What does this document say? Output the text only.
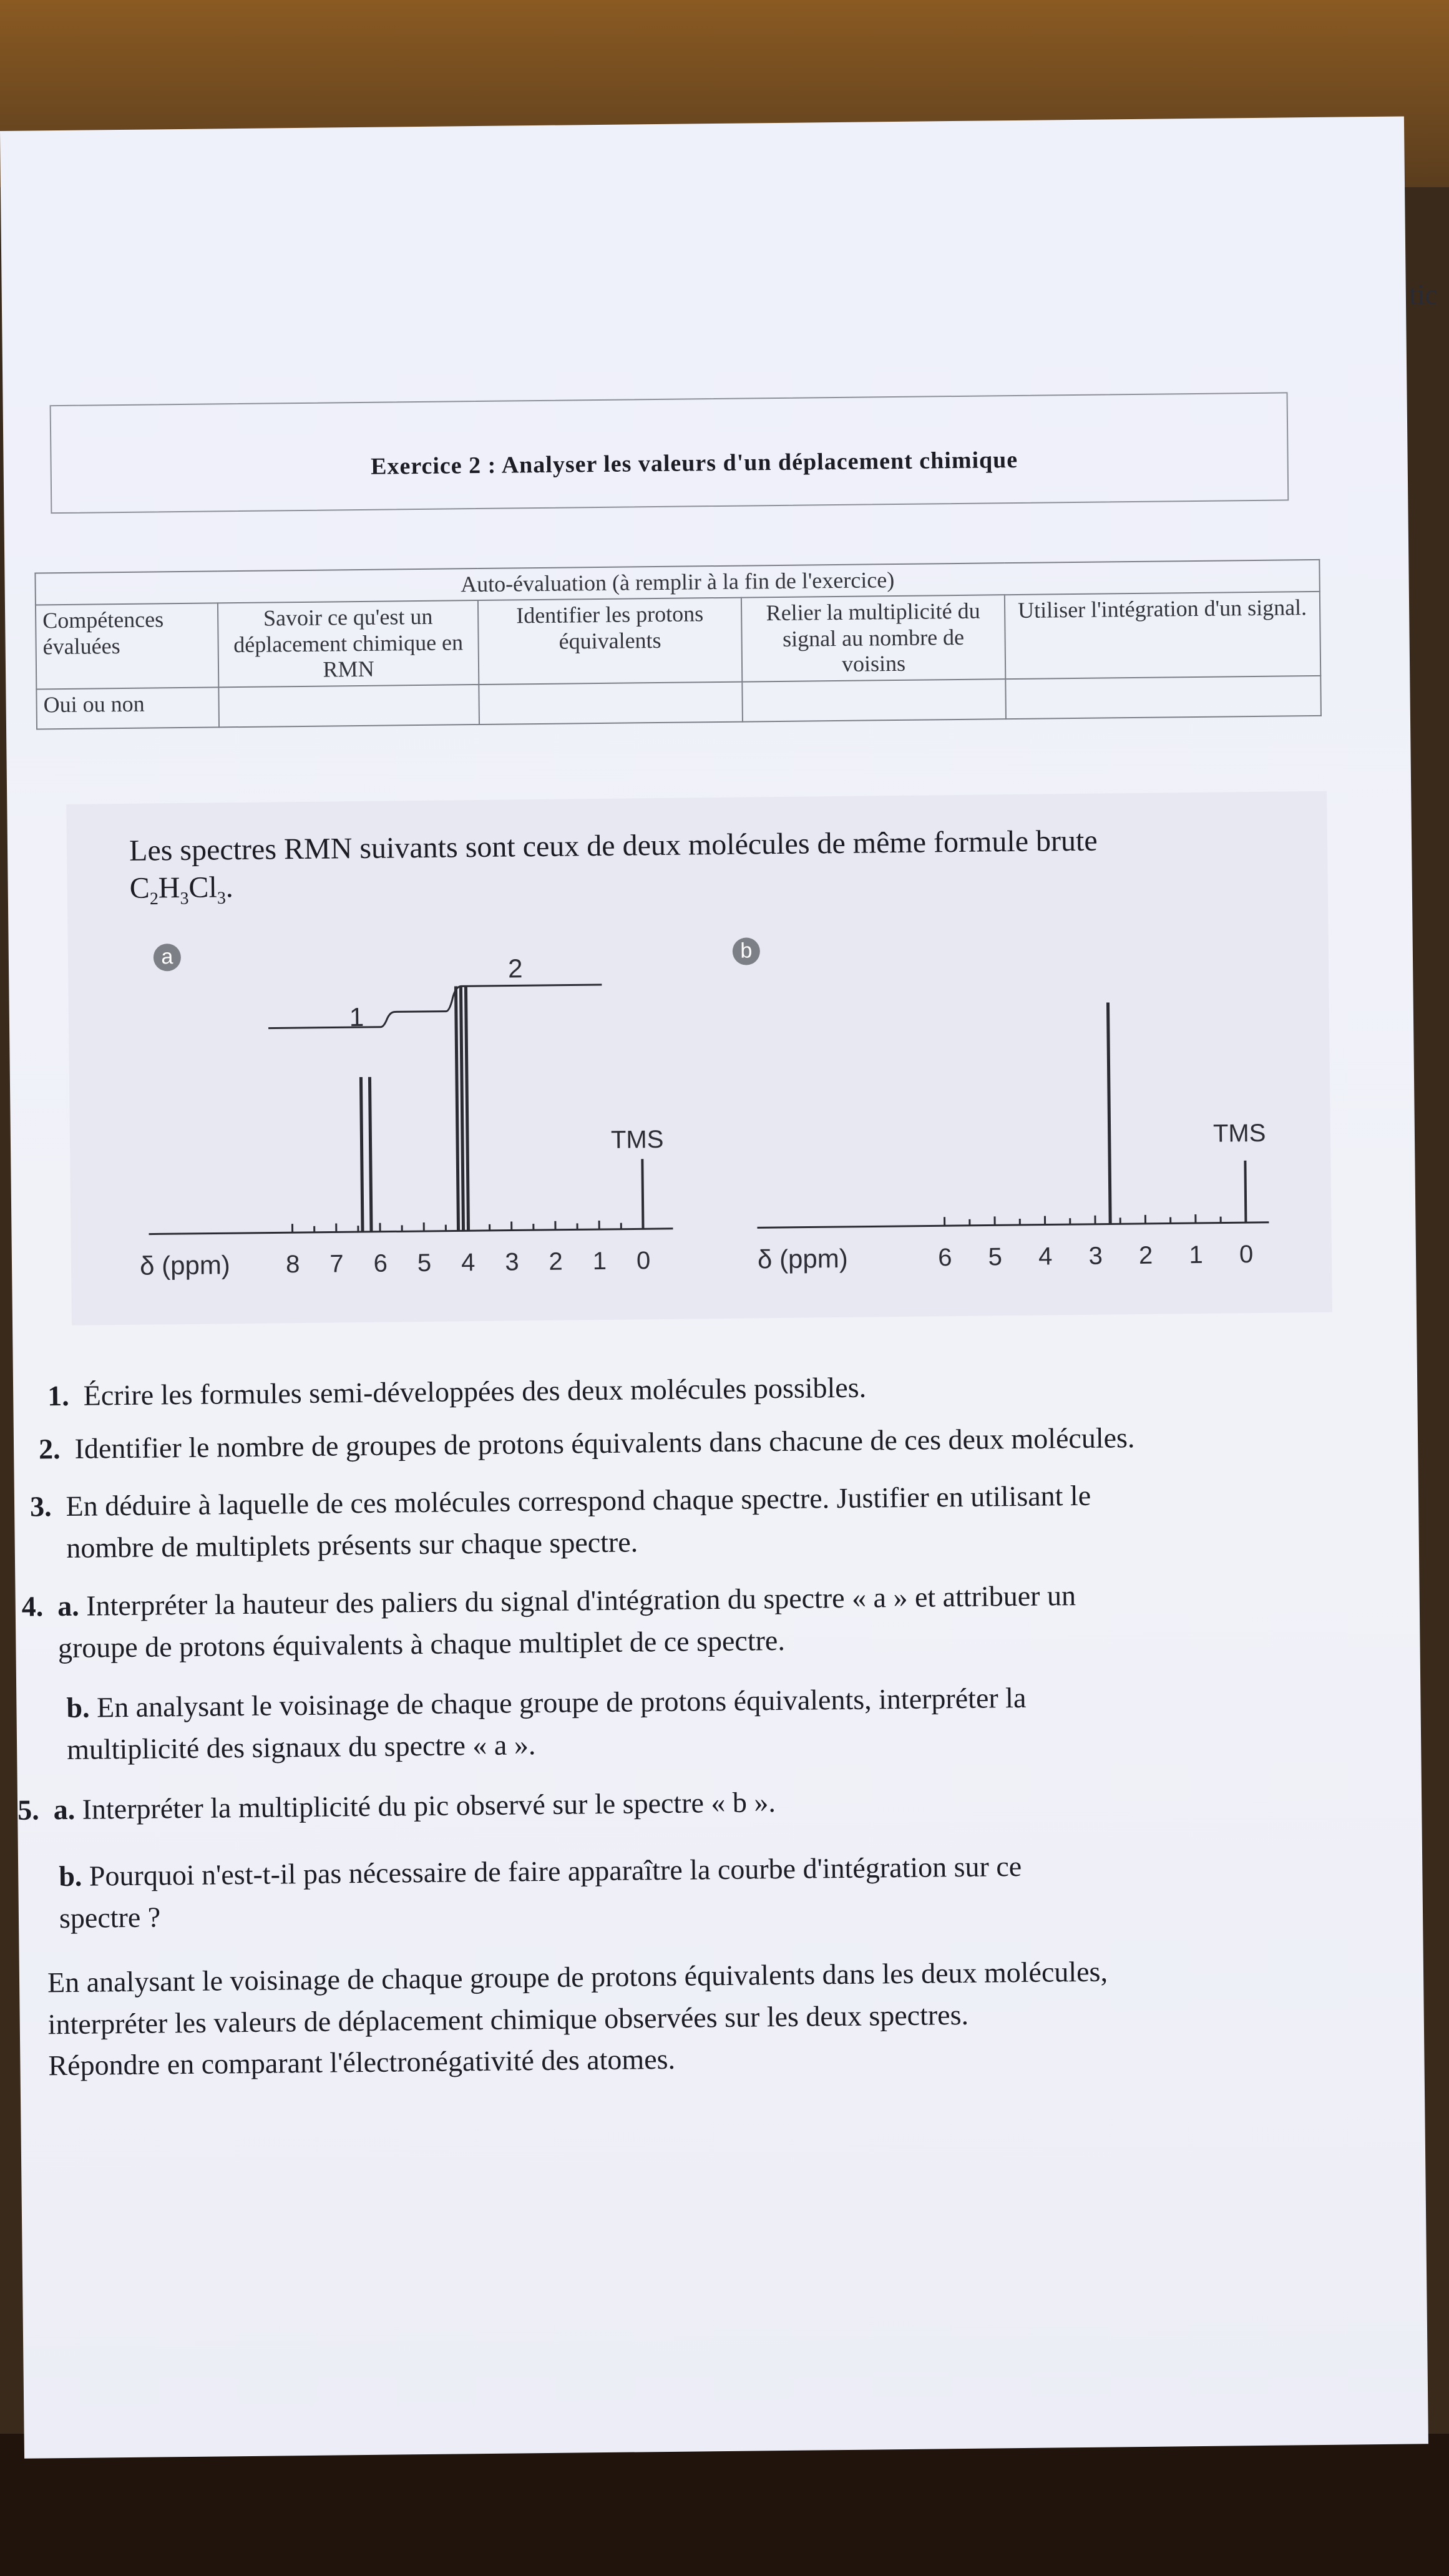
tic
Exercice 2 : Analyser les valeurs d'un déplacement chimique
Auto-évaluation (à remplir à la fin de l'exercice)				
Compétences évaluées	Savoir ce qu'est un déplacement chimique en RMN	Identifier les protons équivalents	Relier la multiplicité du signal au nombre de voisins	Utiliser l'intégration d'un signal.
Oui ou non				
Les spectres RMN suivants sont ceux de deux molécules de même formule brute
$C_2H_3Cl_3$.
a	b
2
1
TMS
δ (ppm) 8 7 6 5 4 3 2 1 0
TMS
δ (ppm)	6 5 4 3 2 1 0
1. Écrire les formules semi-développées des deux molécules possibles.
2. Identifier le nombre de groupes de protons équivalents dans chacune de ces deux molécules.
3. En déduire à laquelle de ces molécules correspond chaque spectre. Justifier en utilisant le
nombre de multiplets présents sur chaque spectre.
4. a. Interpréter la hauteur des paliers du signal d'intégration du spectre « a » et attribuer un
groupe de protons équivalents à chaque multiplet de ce spectre.
b. En analysant le voisinage de chaque groupe de protons équivalents, interpréter la
multiplicité des signaux du spectre « a ».
5. a. Interpréter la multiplicité du pic observé sur le spectre « b ».
b. Pourquoi n'est-t-il pas nécessaire de faire apparaître la courbe d'intégration sur ce
spectre ?
En analysant le voisinage de chaque groupe de protons équivalents dans les deux molécules,
interpréter les valeurs de déplacement chimique observées sur les deux spectres.
Répondre en comparant l'électronégativité des atomes.
